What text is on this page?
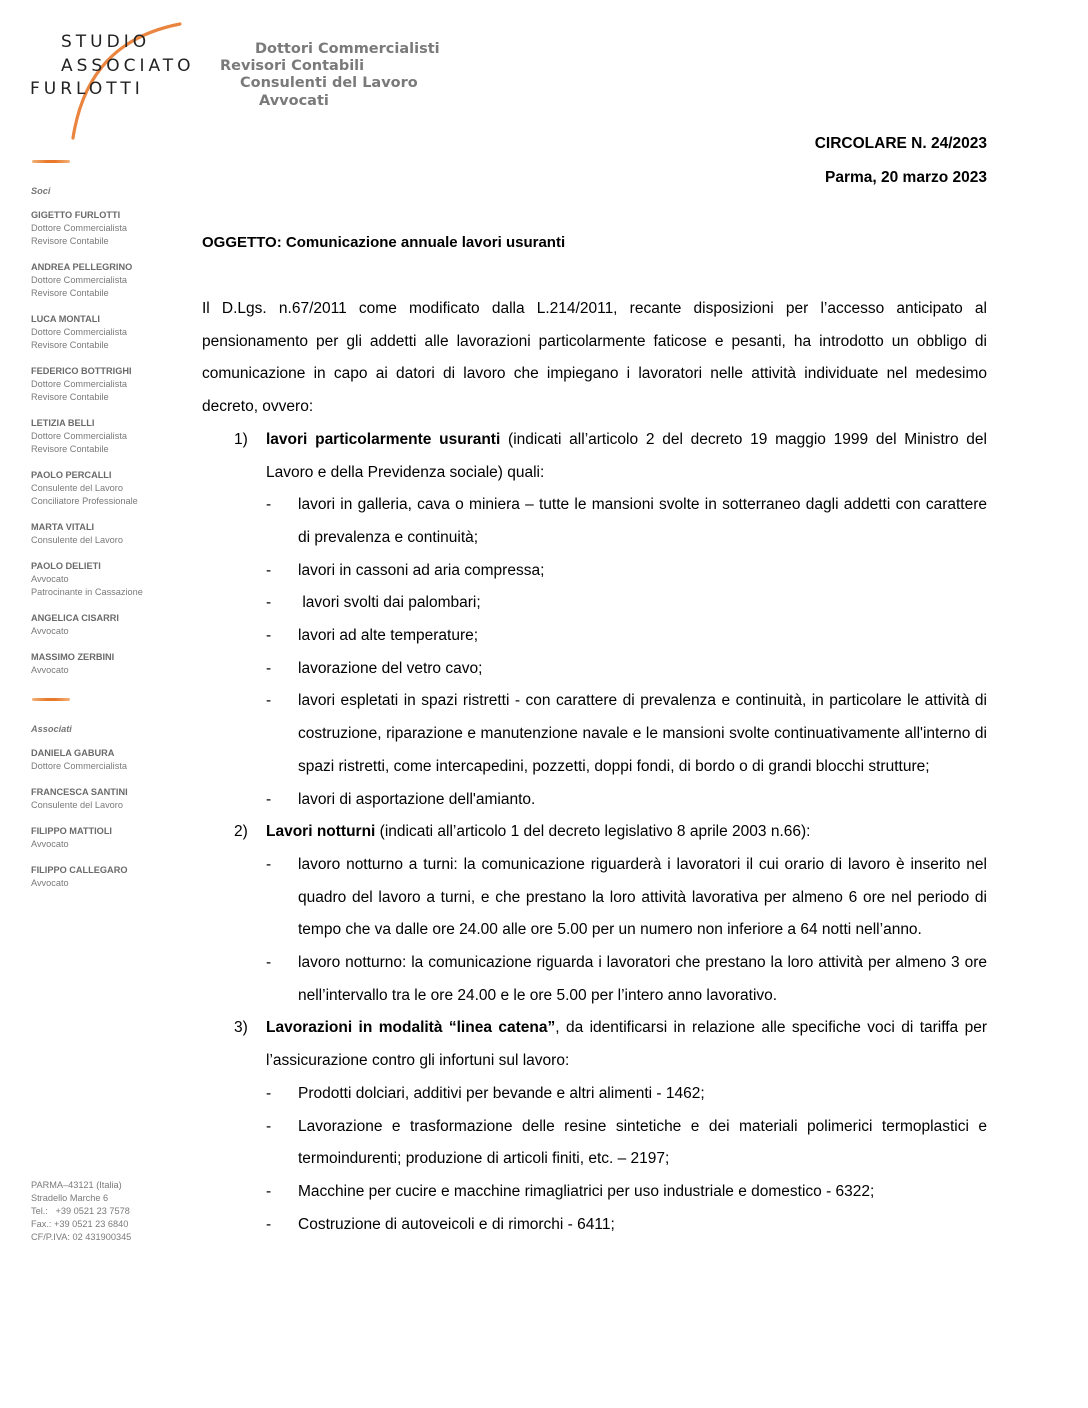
STUDIO
ASSOCIATO
FURLOTTI
Dottori Commercialisti
Revisori Contabili
Consulenti del Lavoro
Avvocati
Soci
GIGETTO FURLOTTI
Dottore Commercialista
Revisore Contabile
ANDREA PELLEGRINO
Dottore Commercialista
Revisore Contabile
LUCA MONTALI
Dottore Commercialista
Revisore Contabile
FEDERICO BOTTRIGHI
Dottore Commercialista
Revisore Contabile
LETIZIA BELLI
Dottore Commercialista
Revisore Contabile
PAOLO PERCALLI
Consulente del Lavoro
Conciliatore Professionale
MARTA VITALI
Consulente del Lavoro
PAOLO DELIETI
Avvocato
Patrocinante in Cassazione
ANGELICA CISARRI
Avvocato
MASSIMO ZERBINI
Avvocato
Associati
DANIELA GABURA
Dottore Commercialista
FRANCESCA SANTINI
Consulente del Lavoro
FILIPPO MATTIOLI
Avvocato
FILIPPO CALLEGARO
Avvocato
PARMA–43121 (Italia)
Stradello Marche 6
Tel.:   +39 0521 23 7578
Fax.: +39 0521 23 6840
CF/P.IVA: 02 431900345
CIRCOLARE N. 24/2023
Parma, 20 marzo 2023
OGGETTO: Comunicazione annuale lavori usuranti

Il D.Lgs. n.67/2011 come modificato dalla L.214/2011, recante disposizioni per l’accesso anticipato al pensionamento per gli addetti alle lavorazioni particolarmente faticose e pesanti, ha introdotto un obbligo di comunicazione in capo ai datori di lavoro che impiegano i lavoratori nelle attività individuate nel medesimo decreto, ovvero:

1) lavori particolarmente usuranti (indicati all’articolo 2 del decreto 19 maggio 1999 del Ministro del Lavoro e della Previdenza sociale) quali:
- lavori in galleria, cava o miniera – tutte le mansioni svolte in sotterraneo dagli addetti con carattere di prevalenza e continuità;
- lavori in cassoni ad aria compressa;
- lavori svolti dai palombari;
- lavori ad alte temperature;
- lavorazione del vetro cavo;
- lavori espletati in spazi ristretti - con carattere di prevalenza e continuità, in particolare le attività di costruzione, riparazione e manutenzione navale e le mansioni svolte continuativamente all'interno di spazi ristretti, come intercapedini, pozzetti, doppi fondi, di bordo o di grandi blocchi strutture;
- lavori di asportazione dell'amianto.
2) Lavori notturni (indicati all’articolo 1 del decreto legislativo 8 aprile 2003 n.66):
- lavoro notturno a turni: la comunicazione riguarderà i lavoratori il cui orario di lavoro è inserito nel quadro del lavoro a turni, e che prestano la loro attività lavorativa per almeno 6 ore nel periodo di tempo che va dalle ore 24.00 alle ore 5.00 per un numero non inferiore a 64 notti nell’anno.
- lavoro notturno: la comunicazione riguarda i lavoratori che prestano la loro attività per almeno 3 ore nell’intervallo tra le ore 24.00 e le ore 5.00 per l’intero anno lavorativo.
3) Lavorazioni in modalità “linea catena”, da identificarsi in relazione alle specifiche voci di tariffa per l’assicurazione contro gli infortuni sul lavoro:
- Prodotti dolciari, additivi per bevande e altri alimenti - 1462;
- Lavorazione e trasformazione delle resine sintetiche e dei materiali polimerici termoplastici e termoindurenti; produzione di articoli finiti, etc. – 2197;
- Macchine per cucire e macchine rimagliatrici per uso industriale e domestico - 6322;
- Costruzione di autoveicoli e di rimorchi - 6411;
